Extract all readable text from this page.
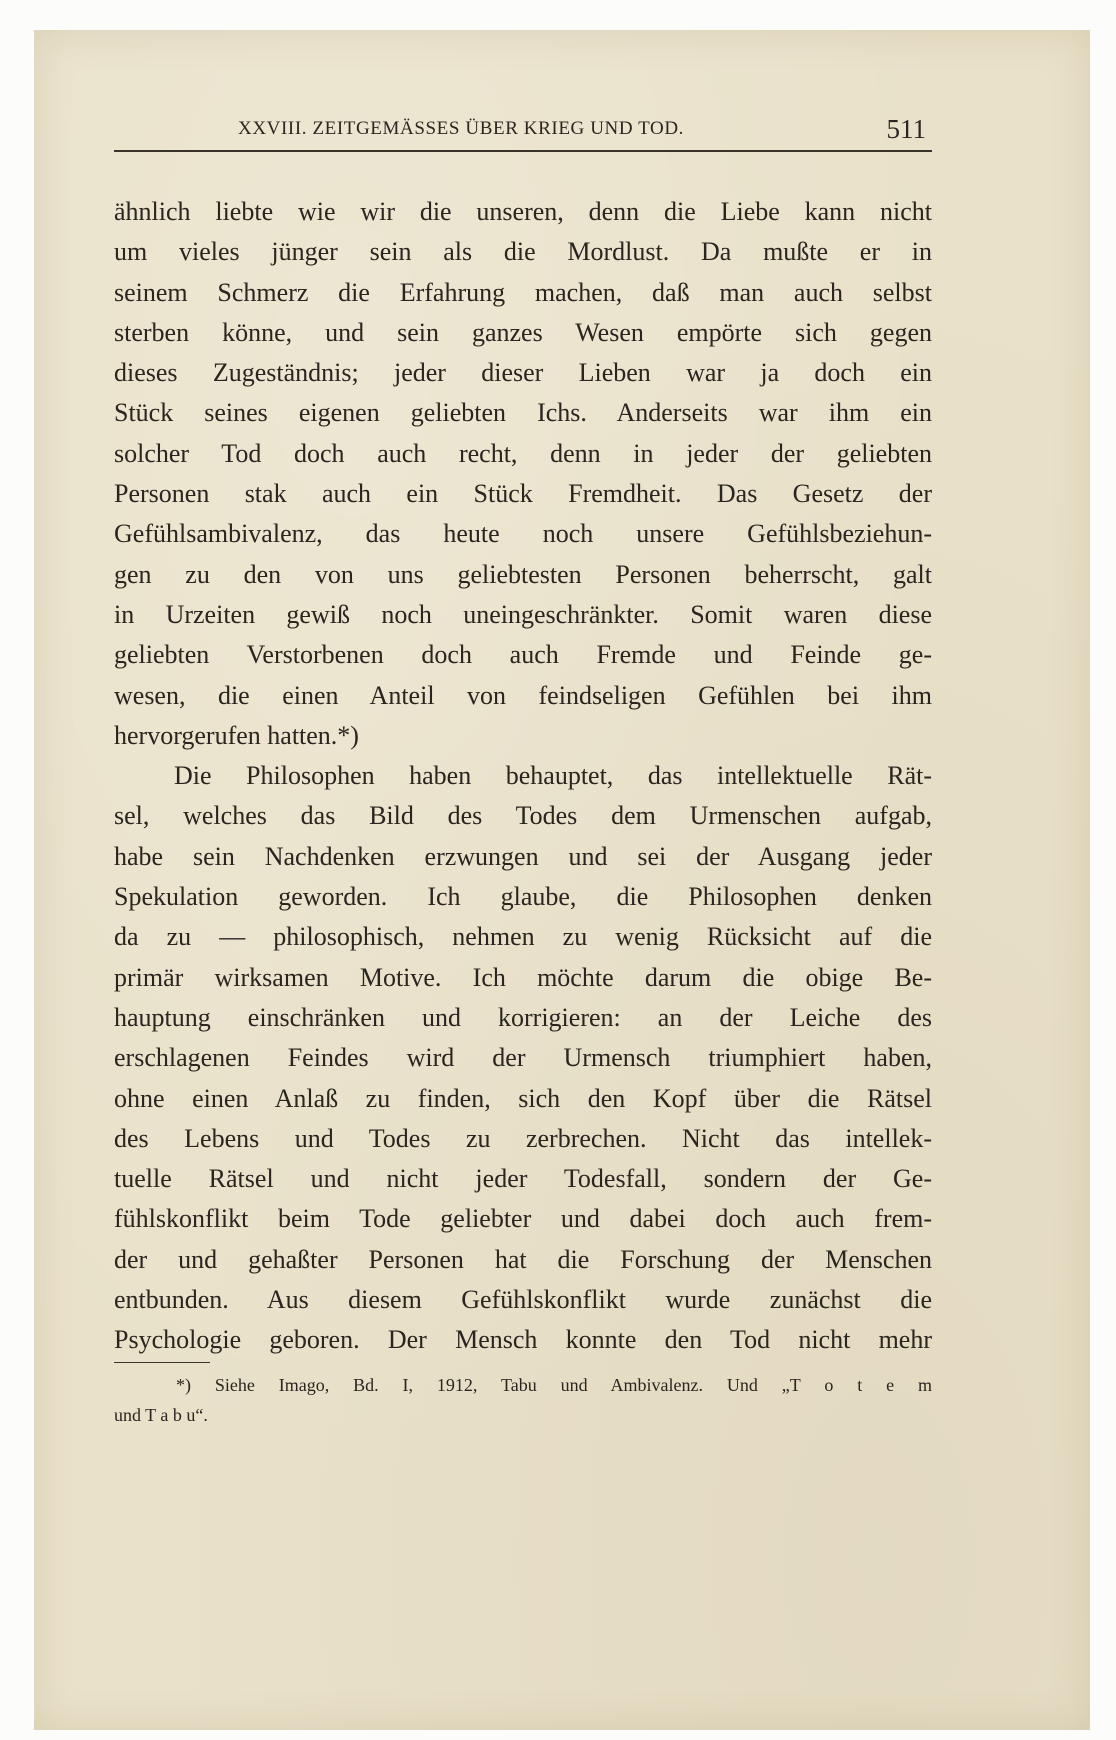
XXVIII. ZEITGEMÄSSES ÜBER KRIEG UND TOD.	511
ähnlich liebte wie wir die unseren, denn die Liebe kann nicht
um vieles jünger sein als die Mordlust. Da mußte er in
seinem Schmerz die Erfahrung machen, daß man auch selbst
sterben könne, und sein ganzes Wesen empörte sich gegen
dieses Zugeständnis; jeder dieser Lieben war ja doch ein
Stück seines eigenen geliebten Ichs. Anderseits war ihm ein
solcher Tod doch auch recht, denn in jeder der geliebten
Personen stak auch ein Stück Fremdheit. Das Gesetz der
Gefühlsambivalenz, das heute noch unsere Gefühlsbeziehun-
gen zu den von uns geliebtesten Personen beherrscht, galt
in Urzeiten gewiß noch uneingeschränkter. Somit waren diese
geliebten Verstorbenen doch auch Fremde und Feinde ge-
wesen, die einen Anteil von feindseligen Gefühlen bei ihm
hervorgerufen hatten.*)
Die Philosophen haben behauptet, das intellektuelle Rät-
sel, welches das Bild des Todes dem Urmenschen aufgab,
habe sein Nachdenken erzwungen und sei der Ausgang jeder
Spekulation geworden. Ich glaube, die Philosophen denken
da zu — philosophisch, nehmen zu wenig Rücksicht auf die
primär wirksamen Motive. Ich möchte darum die obige Be-
hauptung einschränken und korrigieren: an der Leiche des
erschlagenen Feindes wird der Urmensch triumphiert haben,
ohne einen Anlaß zu finden, sich den Kopf über die Rätsel
des Lebens und Todes zu zerbrechen. Nicht das intellek-
tuelle Rätsel und nicht jeder Todesfall, sondern der Ge-
fühlskonflikt beim Tode geliebter und dabei doch auch frem-
der und gehaßter Personen hat die Forschung der Menschen
entbunden. Aus diesem Gefühlskonflikt wurde zunächst die
Psychologie geboren. Der Mensch konnte den Tod nicht mehr
*) Siehe Imago, Bd. I, 1912, Tabu und Ambivalenz. Und „T o t e m
und T a b u“.
